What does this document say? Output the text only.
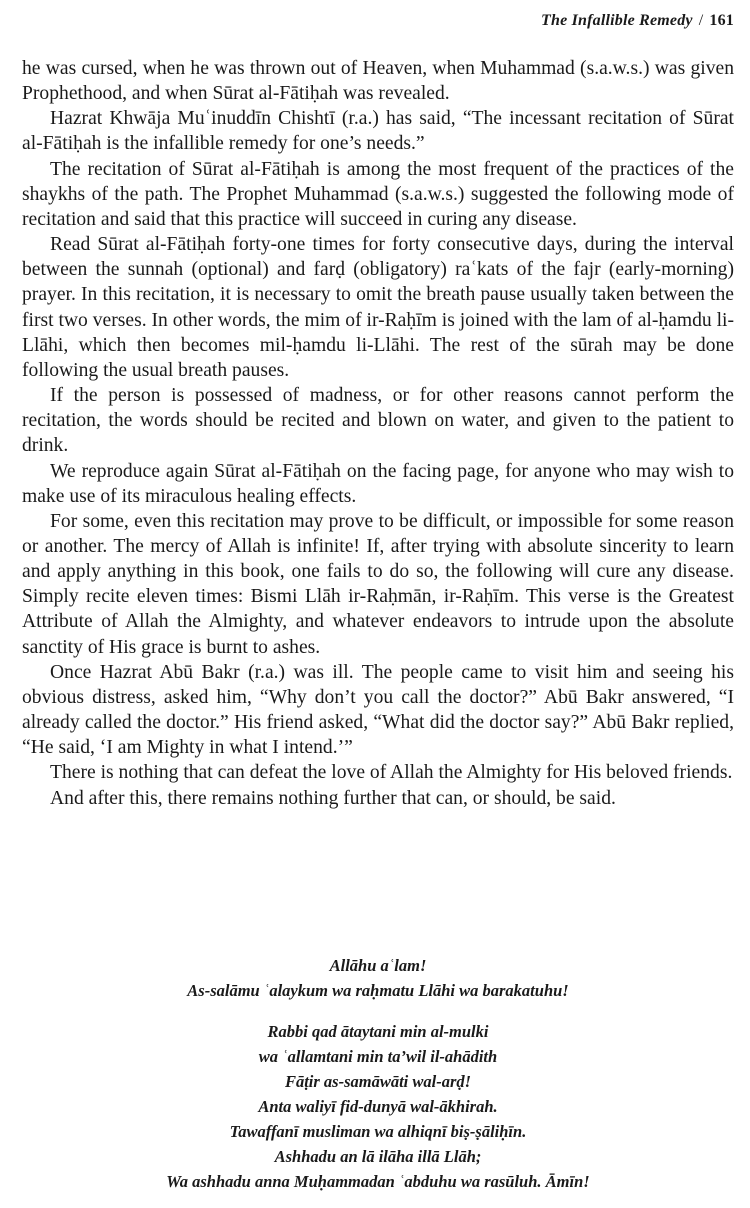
The Infallible Remedy / 161

he was cursed, when he was thrown out of Heaven, when Muhammad (s.a.w.s.) was given Prophethood, and when Sūrat al-Fātiḥah was revealed.

Hazrat Khwāja Muʿinuddīn Chishtī (r.a.) has said, “The incessant recitation of Sūrat al-Fātiḥah is the infallible remedy for one’s needs.”

The recitation of Sūrat al-Fātiḥah is among the most frequent of the practices of the shaykhs of the path. The Prophet Muhammad (s.a.w.s.) suggested the following mode of recitation and said that this practice will succeed in curing any disease.

Read Sūrat al-Fātiḥah forty-one times for forty consecutive days, during the interval between the sunnah (optional) and farḍ (obligatory) raʿkats of the fajr (early-morning) prayer. In this recitation, it is necessary to omit the breath pause usually taken between the first two verses. In other words, the mim of ir-Raḥīm is joined with the lam of al-ḥamdu li-Llāhi, which then becomes mil-ḥamdu li-Llāhi. The rest of the sūrah may be done following the usual breath pauses.

If the person is possessed of madness, or for other reasons cannot perform the recitation, the words should be recited and blown on water, and given to the patient to drink.

We reproduce again Sūrat al-Fātiḥah on the facing page, for anyone who may wish to make use of its miraculous healing effects.

For some, even this recitation may prove to be difficult, or impossible for some reason or another. The mercy of Allah is infinite! If, after trying with absolute sincerity to learn and apply anything in this book, one fails to do so, the following will cure any disease. Simply recite eleven times: Bismi Llāh ir-Raḥmān, ir-Raḥīm. This verse is the Greatest Attribute of Allah the Almighty, and whatever endeavors to intrude upon the absolute sanctity of His grace is burnt to ashes.

Once Hazrat Abū Bakr (r.a.) was ill. The people came to visit him and seeing his obvious distress, asked him, “Why don’t you call the doctor?” Abū Bakr answered, “I already called the doctor.” His friend asked, “What did the doctor say?” Abū Bakr replied, “He said, ‘I am Mighty in what I intend.’”

There is nothing that can defeat the love of Allah the Almighty for His beloved friends.

And after this, there remains nothing further that can, or should, be said.

Allāhu aʿlam!
As-salāmu ʿalaykum wa raḥmatu Llāhi wa barakatuhu!
Rabbi qad ātaytani min al-mulki
wa ʿallamtani min ta’wil il-ahādith
Fāṭir as-samāwāti wal-arḍ!
Anta waliyī fid-dunyā wal-ākhirah.
Tawaffanī musliman wa alhiqnī biṣ-ṣāliḥīn.
Ashhadu an lā ilāha illā Llāh;
Wa ashhadu anna Muḥammadan ʿabduhu wa rasūluh. Āmīn!
